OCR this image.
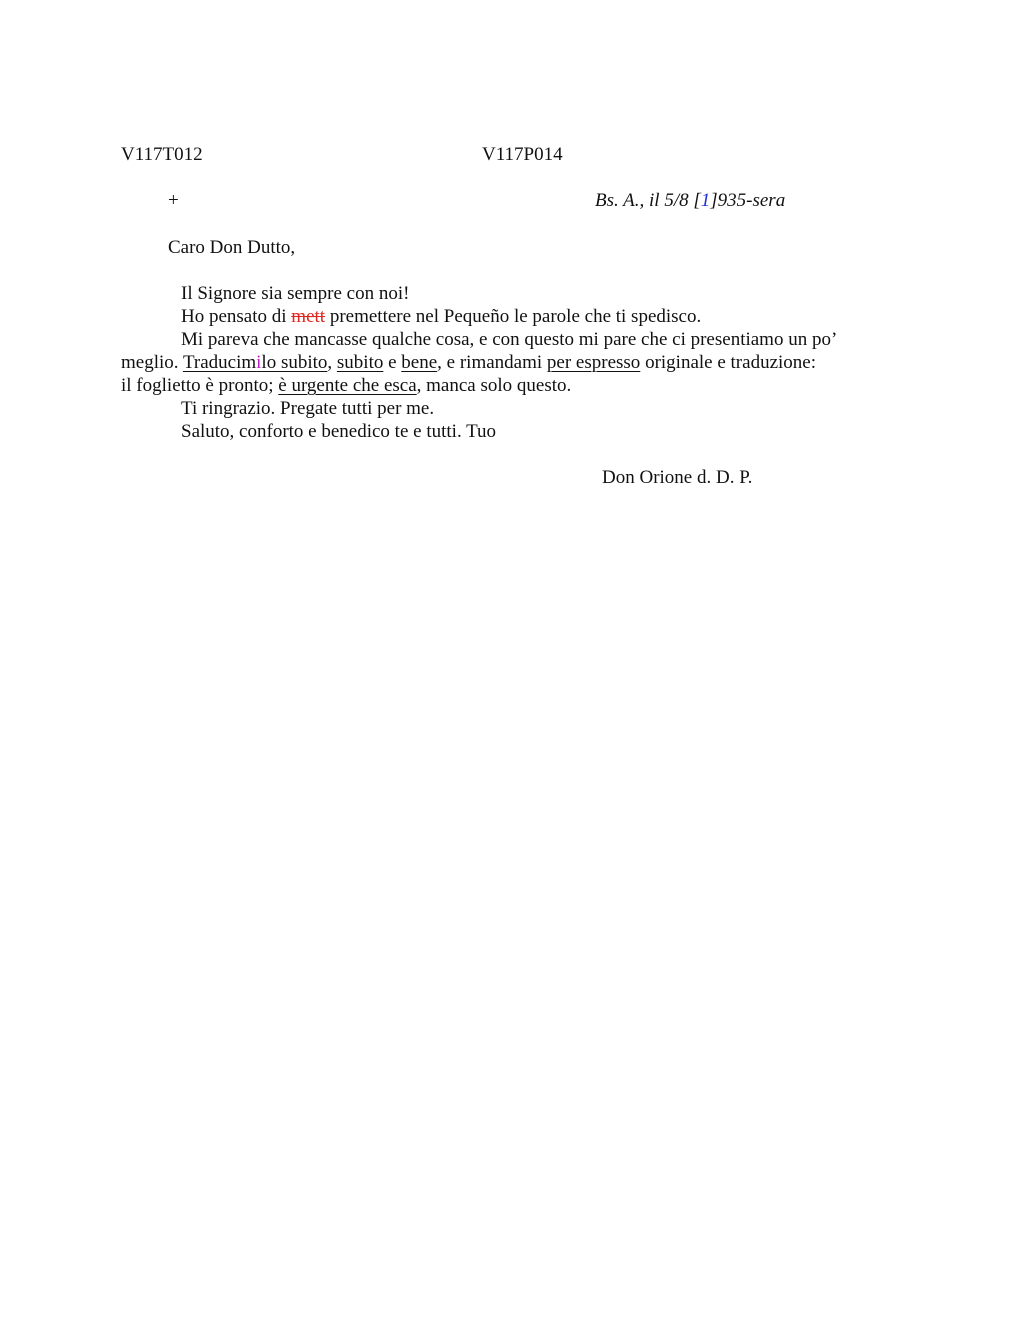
V117T012	V117P014
+	Bs. A., il 5/8 [1]935-sera
Caro Don Dutto,
Il Signore sia sempre con noi!
Ho pensato di mett premettere nel Pequeño le parole che ti spedisco.
Mi pareva che mancasse qualche cosa, e con questo mi pare che ci presentiamo un po’
meglio. Traducimilo subito, subito e bene, e rimandami per espresso originale e traduzione:
il foglietto è pronto; è urgente che esca, manca solo questo.
Ti ringrazio. Pregate tutti per me.
Saluto, conforto e benedico te e tutti. Tuo
Don Orione d. D. P.
